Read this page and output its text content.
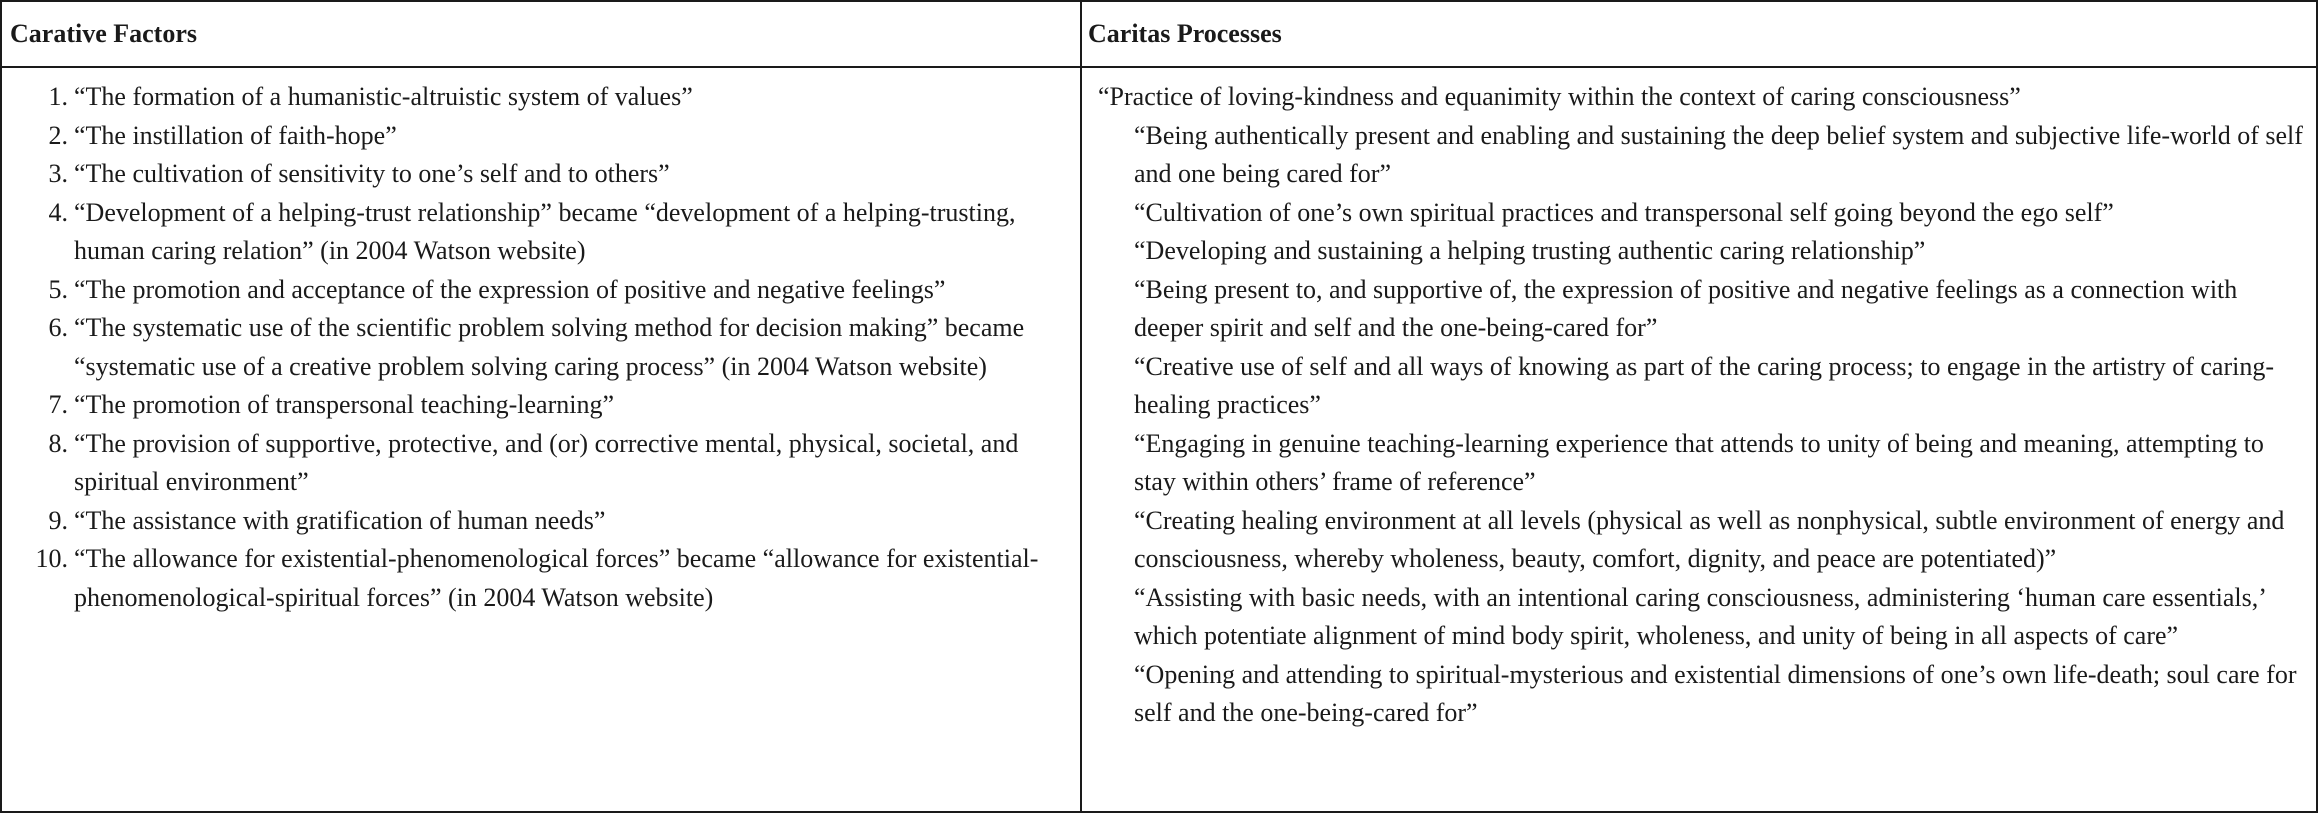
Carative Factors	Caritas Processes
1. “The formation of a humanistic-altruistic system of values”
2. “The instillation of faith-hope”
3. “The cultivation of sensitivity to one’s self and to others”
4. “Development of a helping-trust relationship” became “development of a helping-trusting, human caring relation” (in 2004 Watson website)
5. “The promotion and acceptance of the expression of positive and negative feelings”
6. “The systematic use of the scientific problem solving method for decision making” became “systematic use of a creative problem solving caring process” (in 2004 Watson website)
7. “The promotion of transpersonal teaching-learning”
8. “The provision of supportive, protective, and (or) corrective mental, physical, societal, and spiritual environment”
9. “The assistance with gratification of human needs”
10. “The allowance for existential-phenomenological forces” became “allowance for existential-phenomenological-spiritual forces” (in 2004 Watson website)
“Practice of loving-kindness and equanimity within the context of caring consciousness”
“Being authentically present and enabling and sustaining the deep belief system and subjective life-world of self and one being cared for”
“Cultivation of one’s own spiritual practices and transpersonal self going beyond the ego self”
“Developing and sustaining a helping trusting authentic caring relationship”
“Being present to, and supportive of, the expression of positive and negative feelings as a connection with deeper spirit and self and the one-being-cared for”
“Creative use of self and all ways of knowing as part of the caring process; to engage in the artistry of caring-healing practices”
“Engaging in genuine teaching-learning experience that attends to unity of being and meaning, attempting to stay within others’ frame of reference”
“Creating healing environment at all levels (physical as well as nonphysical, subtle environment of energy and consciousness, whereby wholeness, beauty, comfort, dignity, and peace are potentiated)”
“Assisting with basic needs, with an intentional caring consciousness, administering ‘human care essentials,’ which potentiate alignment of mind body spirit, wholeness, and unity of being in all aspects of care”
“Opening and attending to spiritual-mysterious and existential dimensions of one’s own life-death; soul care for self and the one-being-cared for”
